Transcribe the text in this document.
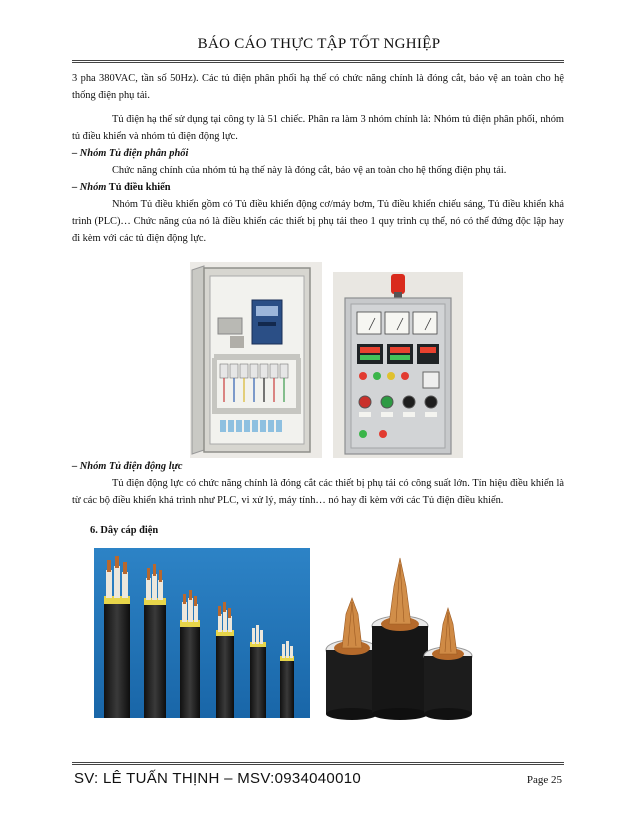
BÁO CÁO THỰC TẬP TỐT NGHIỆP

3 pha 380VAC, tần số 50Hz). Các tủ điện phân phối hạ thế có chức năng chính là đóng cắt, bảo vệ an toàn cho hệ thống điện phụ tải.

Tủ điện hạ thế sử dụng tại công ty là 51 chiếc. Phân ra làm 3 nhóm chính là: Nhóm tủ điện phân phối, nhóm tủ điều khiển và nhóm tủ điện động lực.

– Nhóm Tủ điện phân phối

Chức năng chính của nhóm tủ hạ thế này là đóng cắt, bảo vệ an toàn cho hệ thống điện phụ tải.

– Nhóm Tủ điều khiển

Nhóm Tủ điều khiển gồm có Tủ điều khiển động cơ/máy bơm, Tủ điều khiển chiếu sáng, Tủ điều khiển khả trình (PLC)… Chức năng của nó là điều khiển các thiết bị phụ tải theo 1 quy trình cụ thể, nó có thể đứng độc lập hay đi kèm với các tủ điện động lực.

– Nhóm Tủ điện động lực

Tủ điện động lực có chức năng chính là đóng cắt các thiết bị phụ tải có công suất lớn. Tín hiệu điều khiển là từ các bộ điều khiển khả trình như PLC, vi xử lý, máy tính… nó hay đi kèm với các Tủ điện điều khiển.

6. Dây cáp điện
SV: LÊ TUẤN THỊNH – MSV:0934040010	Page 25
